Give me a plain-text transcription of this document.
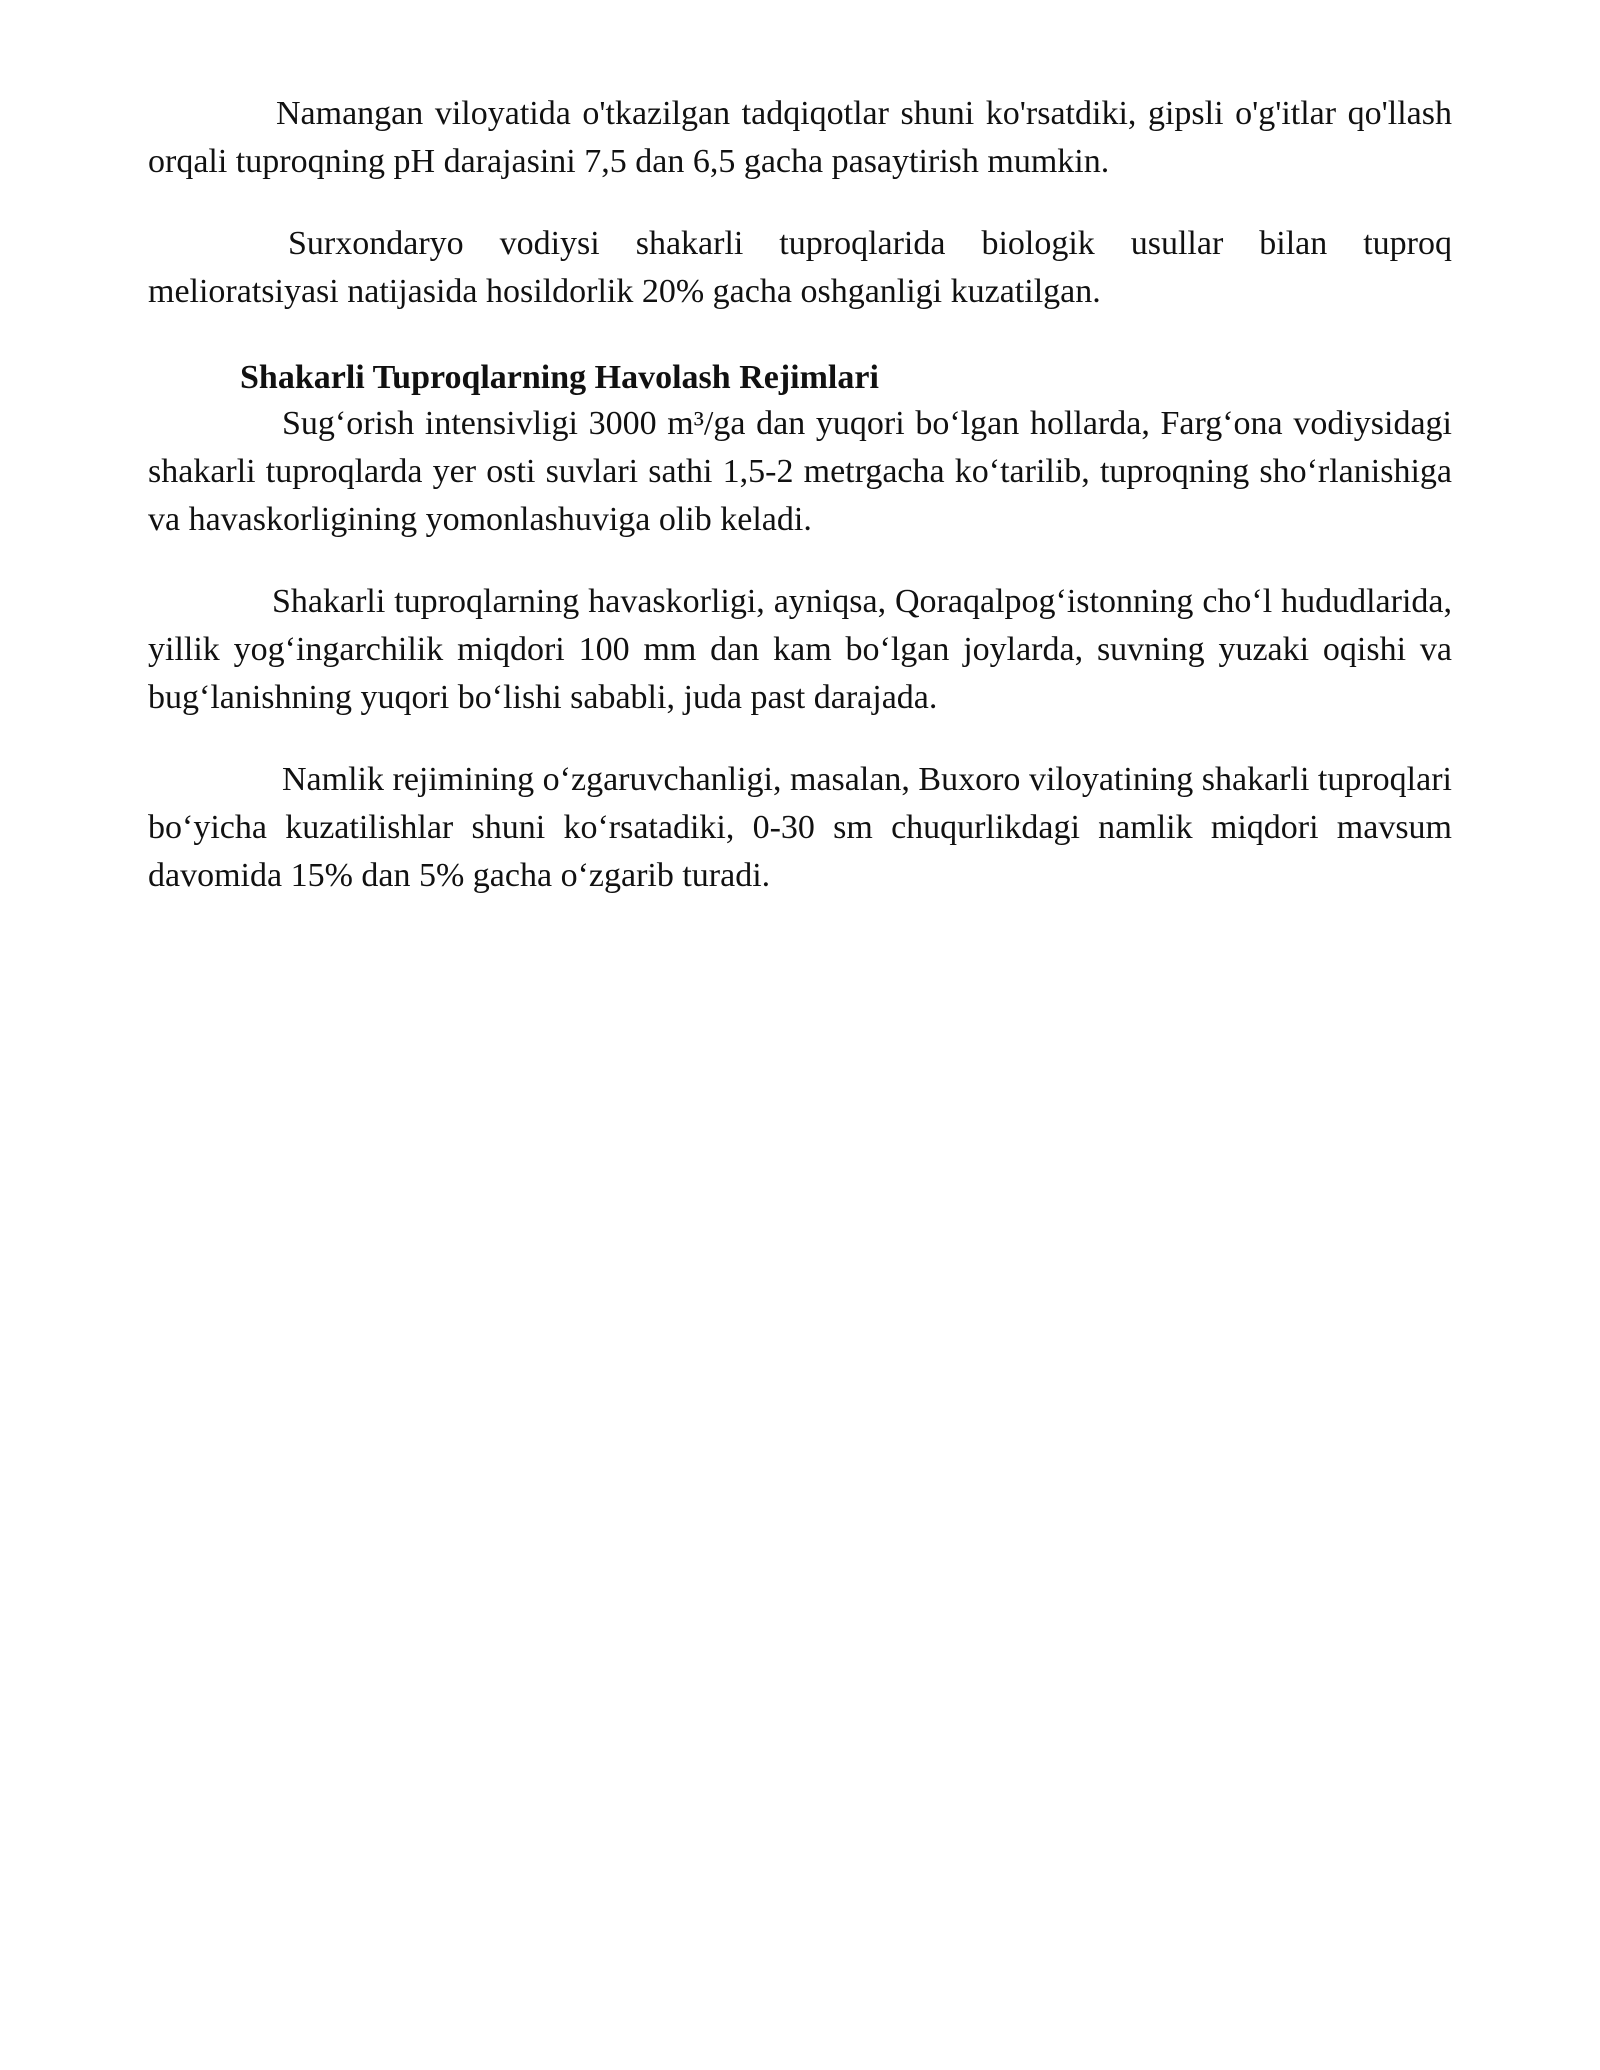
Namangan viloyatida o'tkazilgan tadqiqotlar shuni ko'rsatdiki, gipsli o'g'itlar qo'llash orqali tuproqning pH darajasini 7,5 dan 6,5 gacha pasaytirish mumkin.

Surxondaryo vodiysi shakarli tuproqlarida biologik usullar bilan tuproq melioratsiyasi natijasida hosildorlik 20% gacha oshganligi kuzatilgan.

Shakarli Tuproqlarning Havolash Rejimlari

Sug‘orish intensivligi 3000 m³/ga dan yuqori bo‘lgan hollarda, Farg‘ona vodiysidagi shakarli tuproqlarda yer osti suvlari sathi 1,5-2 metrgacha ko‘tarilib, tuproqning sho‘rlanishiga va havaskorligining yomonlashuviga olib keladi.

Shakarli tuproqlarning havaskorligi, ayniqsa, Qoraqalpog‘istonning cho‘l hududlarida, yillik yog‘ingarchilik miqdori 100 mm dan kam bo‘lgan joylarda, suvning yuzaki oqishi va bug‘lanishning yuqori bo‘lishi sababli, juda past darajada.

Namlik rejimining o‘zgaruvchanligi, masalan, Buxoro viloyatining shakarli tuproqlari bo‘yicha kuzatilishlar shuni ko‘rsatadiki, 0-30 sm chuqurlikdagi namlik miqdori mavsum davomida 15% dan 5% gacha o‘zgarib turadi.
